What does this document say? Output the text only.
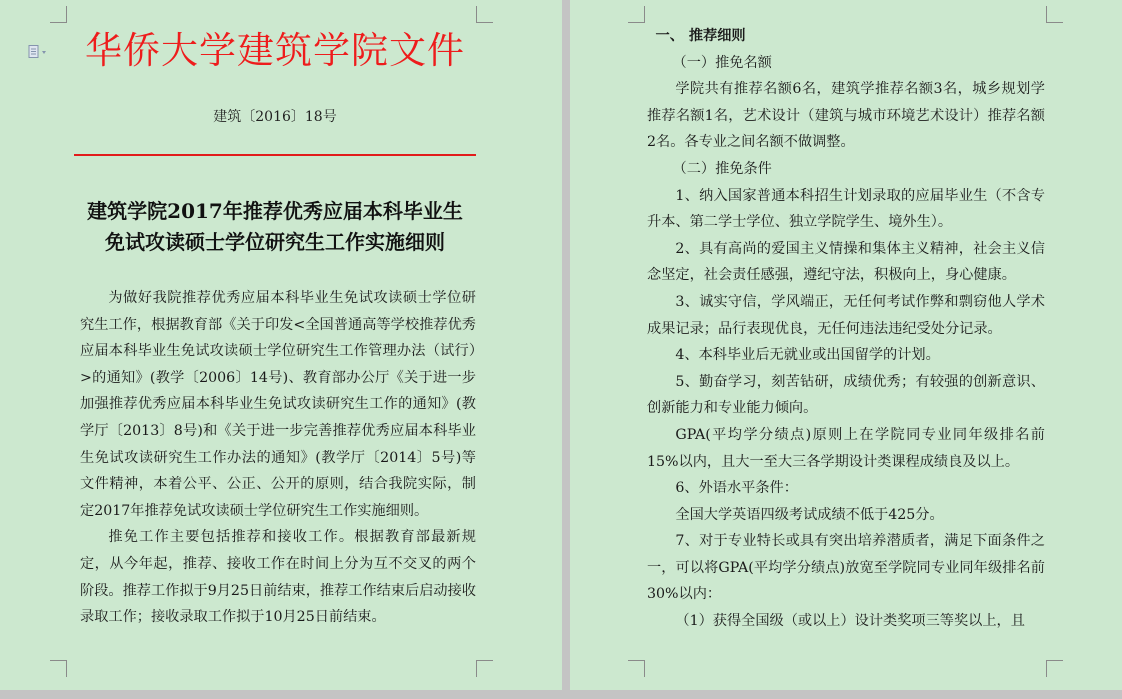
华侨大学建筑学院文件
建筑〔2016〕18号
建筑学院2017年推荐优秀应届本科毕业生
免试攻读硕士学位研究生工作实施细则

为做好我院推荐优秀应届本科毕业生免试攻读硕士学位研究生工作，根据教育部《关于印发<全国普通高等学校推荐优秀应届本科毕业生免试攻读硕士学位研究生工作管理办法（试行）>的通知》(教学〔2006〕14号)、教育部办公厅《关于进一步加强推荐优秀应届本科毕业生免试攻读研究生工作的通知》(教学厅〔2013〕8号)和《关于进一步完善推荐优秀应届本科毕业生免试攻读研究生工作办法的通知》(教学厅〔2014〕5号)等文件精神，本着公平、公正、公开的原则，结合我院实际，制定2017年推荐免试攻读硕士学位研究生工作实施细则。

推免工作主要包括推荐和接收工作。根据教育部最新规定，从今年起，推荐、接收工作在时间上分为互不交叉的两个阶段。推荐工作拟于9月25日前结束，推荐工作结束后启动接收录取工作；接收录取工作拟于10月25日前结束。

一、 推荐细则

（一）推免名额

学院共有推荐名额6名，建筑学推荐名额3名，城乡规划学推荐名额1名，艺术设计（建筑与城市环境艺术设计）推荐名额2名。各专业之间名额不做调整。

（二）推免条件

1、纳入国家普通本科招生计划录取的应届毕业生（不含专升本、第二学士学位、独立学院学生、境外生）。

2、具有高尚的爱国主义情操和集体主义精神，社会主义信念坚定，社会责任感强，遵纪守法，积极向上，身心健康。

3、诚实守信，学风端正，无任何考试作弊和剽窃他人学术成果记录；品行表现优良，无任何违法违纪受处分记录。

4、本科毕业后无就业或出国留学的计划。

5、勤奋学习，刻苦钻研，成绩优秀；有较强的创新意识、创新能力和专业能力倾向。

GPA(平均学分绩点)原则上在学院同专业同年级排名前15%以内，且大一至大三各学期设计类课程成绩良及以上。

6、外语水平条件：

全国大学英语四级考试成绩不低于425分。

7、对于专业特长或具有突出培养潜质者，满足下面条件之一，可以将GPA(平均学分绩点)放宽至学院同专业同年级排名前30%以内：

（1）获得全国级（或以上）设计类奖项三等奖以上，且
